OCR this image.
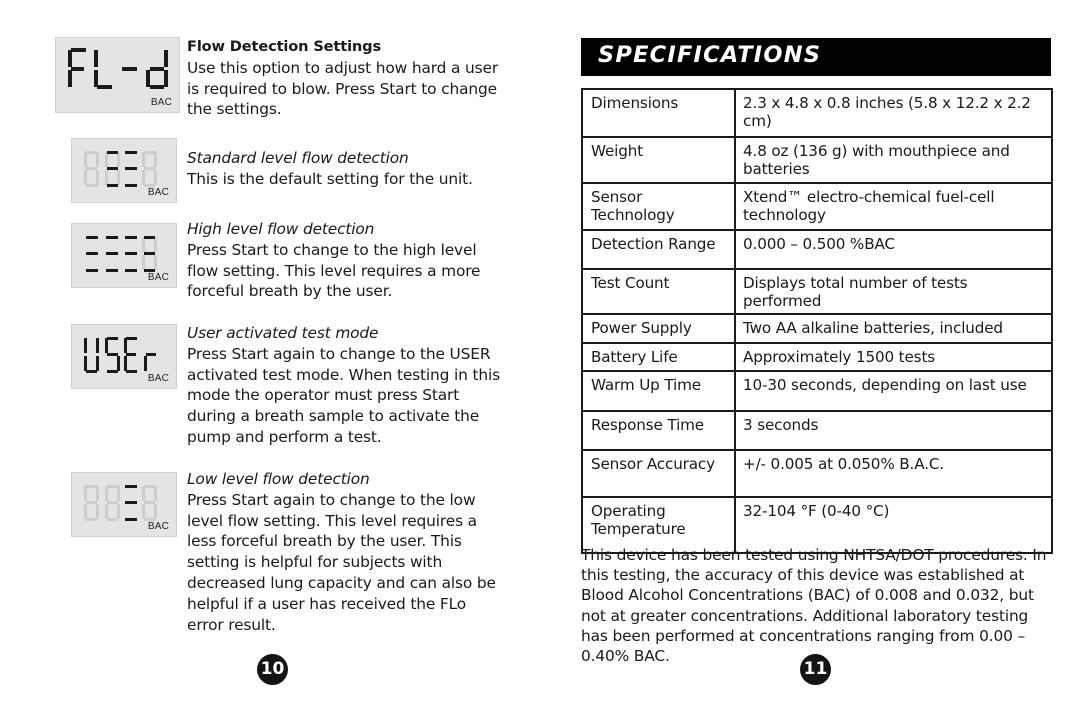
BAC
Flow Detection Settings
Use this option to adjust how hard a user is required to blow. Press Start to change the settings.
BAC
Standard level flow detection
This is the default setting for the unit.
BAC
High level flow detection
Press Start to change to the high level flow setting. This level requires a more forceful breath by the user.
BAC
User activated test mode
Press Start again to change to the USER activated test mode. When testing in this mode the operator must press Start during a breath sample to activate the pump and perform a test.
BAC
Low level flow detection
Press Start again to change to the low level flow setting. This level requires a less forceful breath by the user. This setting is helpful for subjects with decreased lung capacity and can also be helpful if a user has received the FLo error result.
10
SPECIFICATIONS
Dimensions	2.3 x 4.8 x 0.8 inches (5.8 x 12.2 x 2.2 cm)
Weight	4.8 oz (136 g) with mouthpiece and batteries
Sensor Technology	Xtend™ electro-chemical fuel-cell technology
Detection Range	0.000 – 0.500 %BAC
Test Count	Displays total number of tests performed
Power Supply	Two AA alkaline batteries, included
Battery Life	Approximately 1500 tests
Warm Up Time	10-30 seconds, depending on last use
Response Time	3 seconds
Sensor Accuracy	+/- 0.005 at 0.050% B.A.C.
Operating Temperature	32-104 °F (0-40 °C)
This device has been tested using NHTSA/DOT procedures. In this testing, the accuracy of this device was established at Blood Alcohol Concentrations (BAC) of 0.008 and 0.032, but not at greater concentrations. Additional laboratory testing has been performed at concentrations ranging from 0.00 – 0.40% BAC.
11
